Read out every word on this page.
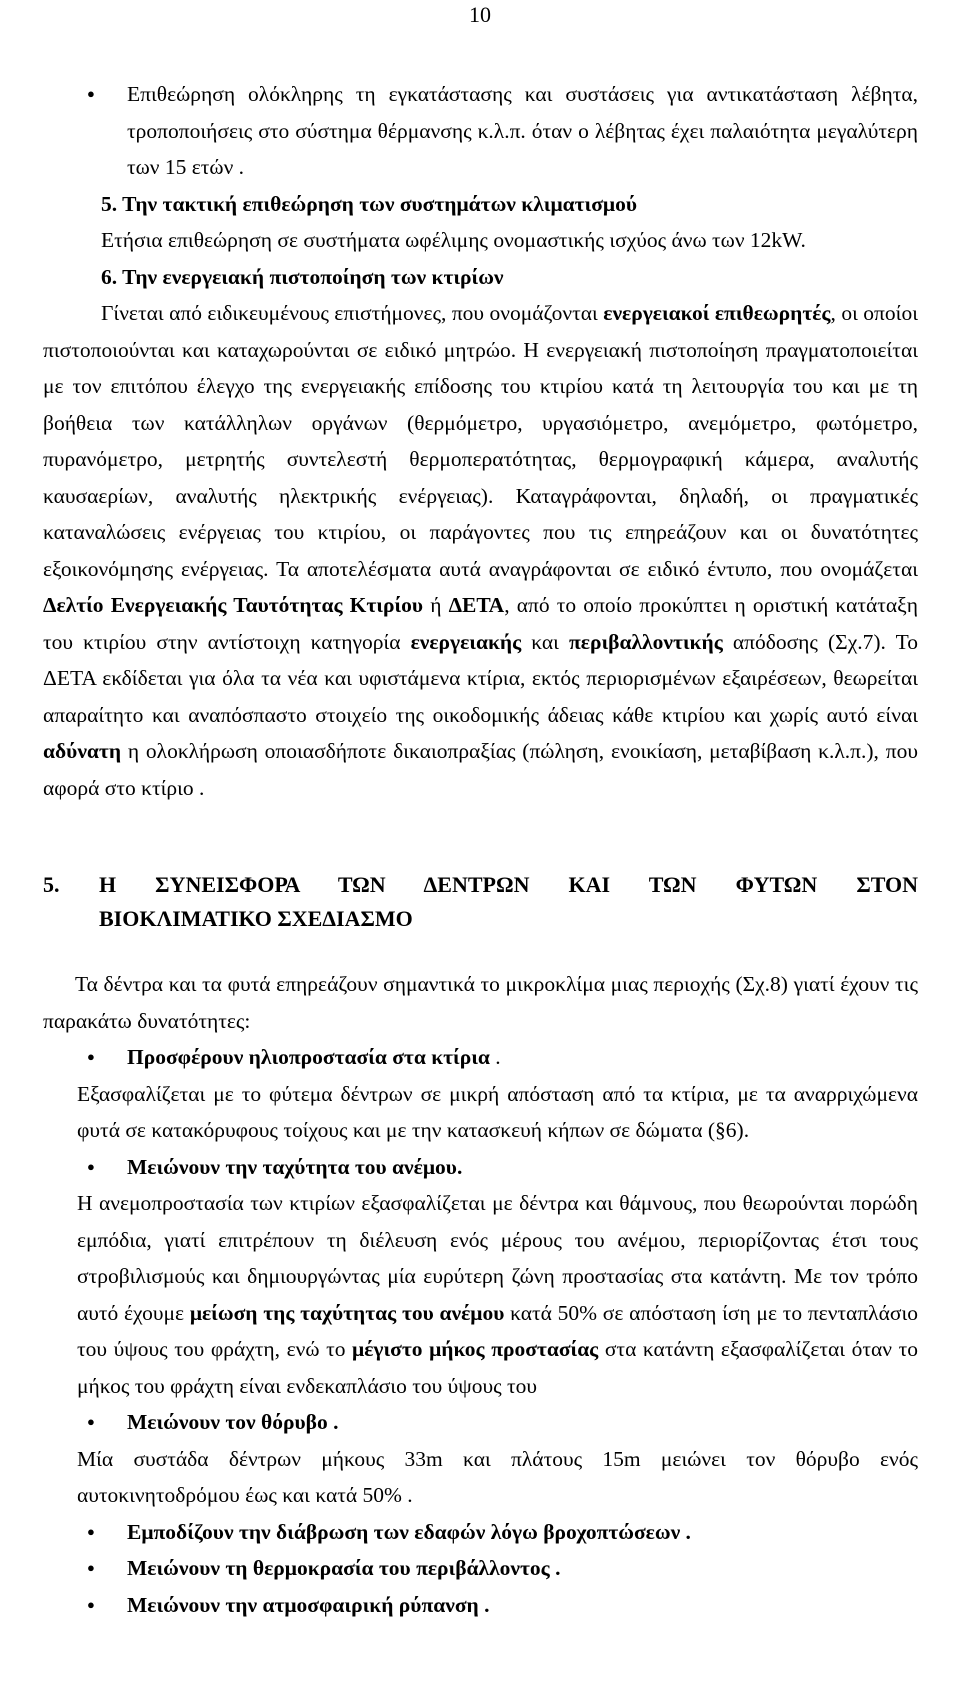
10

● Επιθεώρηση ολόκληρης τη εγκατάστασης και συστάσεις για αντικατάσταση λέβητα, τροποποιήσεις στο σύστημα θέρμανσης κ.λ.π. όταν ο λέβητας έχει παλαιότητα μεγαλύτερη των 15 ετών .

5. Την τακτική επιθεώρηση των συστημάτων κλιματισμού

Ετήσια επιθεώρηση σε συστήματα ωφέλιμης ονομαστικής ισχύος άνω των 12kW.

6. Την ενεργειακή πιστοποίηση των κτιρίων

Γίνεται από ειδικευμένους επιστήμονες, που ονομάζονται ενεργειακοί επιθεωρητές, οι οποίοι πιστοποιούνται και καταχωρούνται σε ειδικό μητρώο. Η ενεργειακή πιστοποίηση πραγματοποιείται με τον επιτόπου έλεγχο της ενεργειακής επίδοσης του κτιρίου κατά τη λειτουργία του και με τη βοήθεια των κατάλληλων οργάνων (θερμόμετρο, υργασιόμετρο, ανεμόμετρο, φωτόμετρο, πυρανόμετρο, μετρητής συντελεστή θερμοπερατότητας, θερμογραφική κάμερα, αναλυτής καυσαερίων, αναλυτής ηλεκτρικής ενέργειας). Καταγράφονται, δηλαδή, οι πραγματικές καταναλώσεις ενέργειας του κτιρίου, οι παράγοντες που τις επηρεάζουν και οι δυνατότητες εξοικονόμησης ενέργειας. Τα αποτελέσματα αυτά αναγράφονται σε ειδικό έντυπο, που ονομάζεται Δελτίο Ενεργειακής Ταυτότητας Κτιρίου ή ΔΕΤΑ, από το οποίο προκύπτει η οριστική κατάταξη του κτιρίου στην αντίστοιχη κατηγορία ενεργειακής και περιβαλλοντικής απόδοσης (Σχ.7). Το ΔΕΤΑ εκδίδεται για όλα τα νέα και υφιστάμενα κτίρια, εκτός περιορισμένων εξαιρέσεων, θεωρείται απαραίτητο και αναπόσπαστο στοιχείο της οικοδομικής άδειας κάθε κτιρίου και χωρίς αυτό είναι αδύνατη η ολοκλήρωση οποιασδήποτε δικαιοπραξίας (πώληση, ενοικίαση, μεταβίβαση κ.λ.π.), που αφορά στο κτίριο .

5.	Η ΣΥΝΕΙΣΦΟΡΑ ΤΩΝ ΔΕΝΤΡΩΝ ΚΑΙ ΤΩΝ ΦΥΤΩΝ ΣΤΟΝ
ΒΙΟΚΛΙΜΑΤΙΚΟ ΣΧΕΔΙΑΣΜΟ

Τα δέντρα και τα φυτά επηρεάζουν σημαντικά το μικροκλίμα μιας περιοχής (Σχ.8) γιατί έχουν τις παρακάτω δυνατότητες:

● Προσφέρουν ηλιοπροστασία στα κτίρια .

Εξασφαλίζεται με το φύτεμα δέντρων σε μικρή απόσταση από τα κτίρια, με τα αναρριχώμενα φυτά σε κατακόρυφους τοίχους και με την κατασκευή κήπων σε δώματα (§6).

● Μειώνουν την ταχύτητα του ανέμου.

Η ανεμοπροστασία των κτιρίων εξασφαλίζεται με δέντρα και θάμνους, που θεωρούνται πορώδη εμπόδια, γιατί επιτρέπουν τη διέλευση ενός μέρους του ανέμου, περιορίζοντας έτσι τους στροβιλισμούς και δημιουργώντας μία ευρύτερη ζώνη προστασίας στα κατάντη. Με τον τρόπο αυτό έχουμε μείωση της ταχύτητας του ανέμου κατά 50% σε απόσταση ίση με το πενταπλάσιο του ύψους του φράχτη, ενώ το μέγιστο μήκος προστασίας στα κατάντη εξασφαλίζεται όταν το μήκος του φράχτη είναι ενδεκαπλάσιο του ύψους του

● Μειώνουν τον θόρυβο .

Μία συστάδα δέντρων μήκους 33m και πλάτους 15m μειώνει τον θόρυβο ενός αυτοκινητοδρόμου έως και κατά 50% .

● Εμποδίζουν την διάβρωση των εδαφών λόγω βροχοπτώσεων .

● Μειώνουν τη θερμοκρασία του περιβάλλοντος .

● Μειώνουν την ατμοσφαιρική ρύπανση .
